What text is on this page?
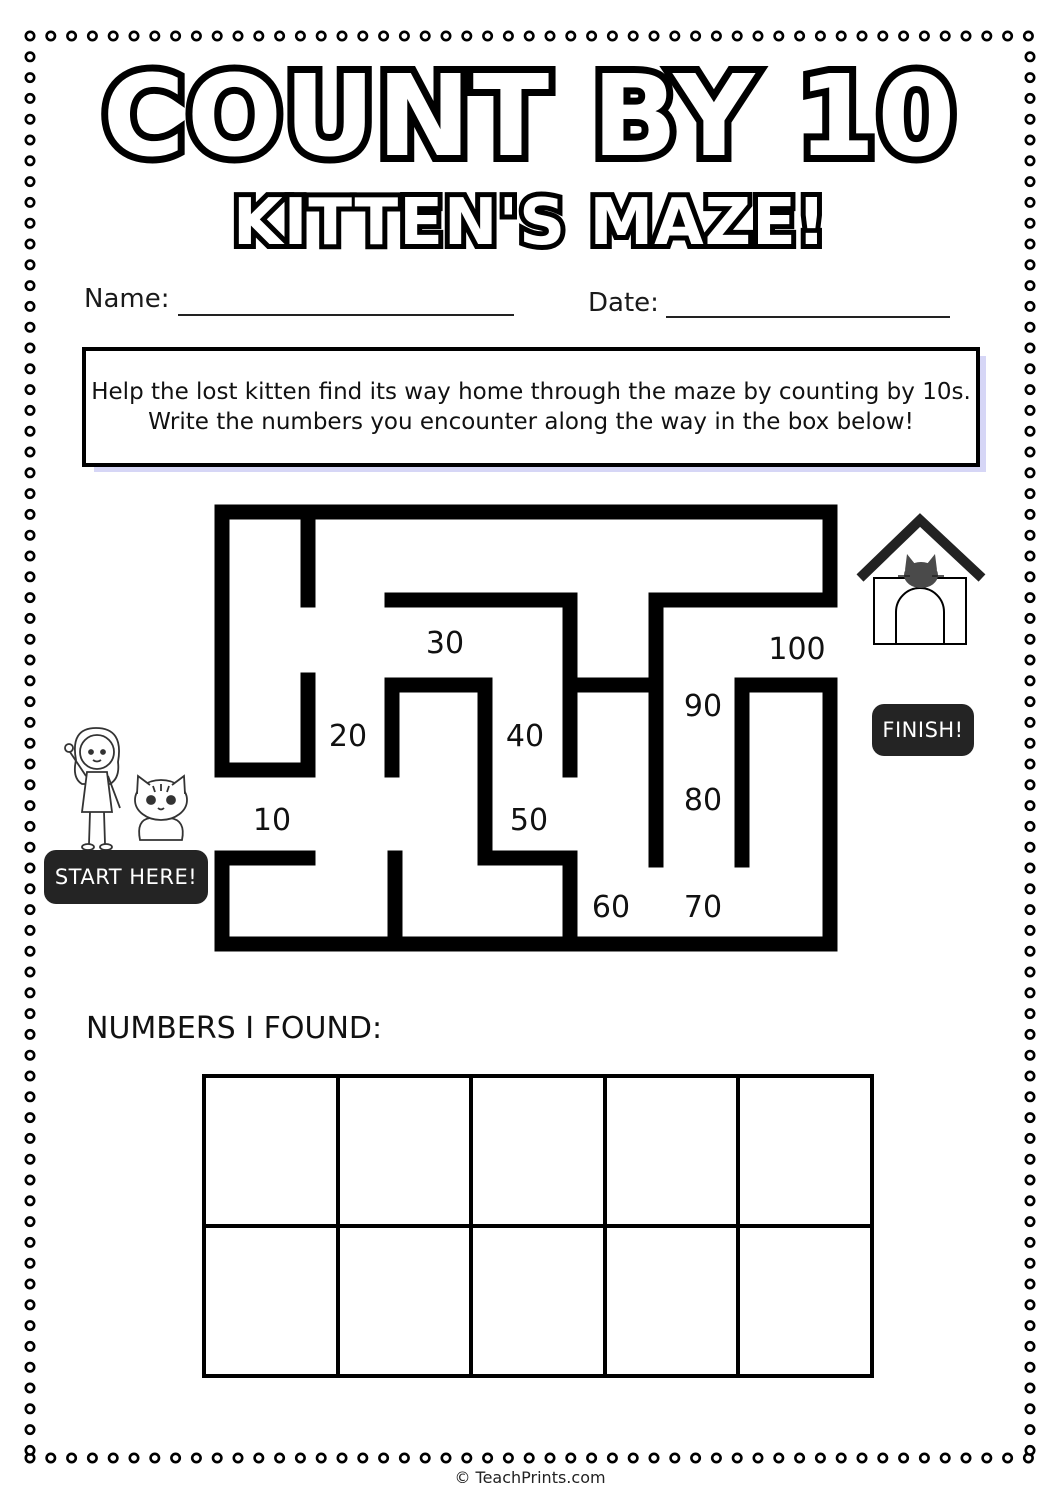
COUNT BY 10
KITTEN'S MAZE!
Name:	Date:
Help the lost kitten find its way home through the maze by counting by 10s. Write the numbers you encounter along the way in the box below!
10
20
30
40
50
60 70
80
90
100
START HERE!
FINISH!
NUMBERS I FOUND:
© TeachPrints.com
